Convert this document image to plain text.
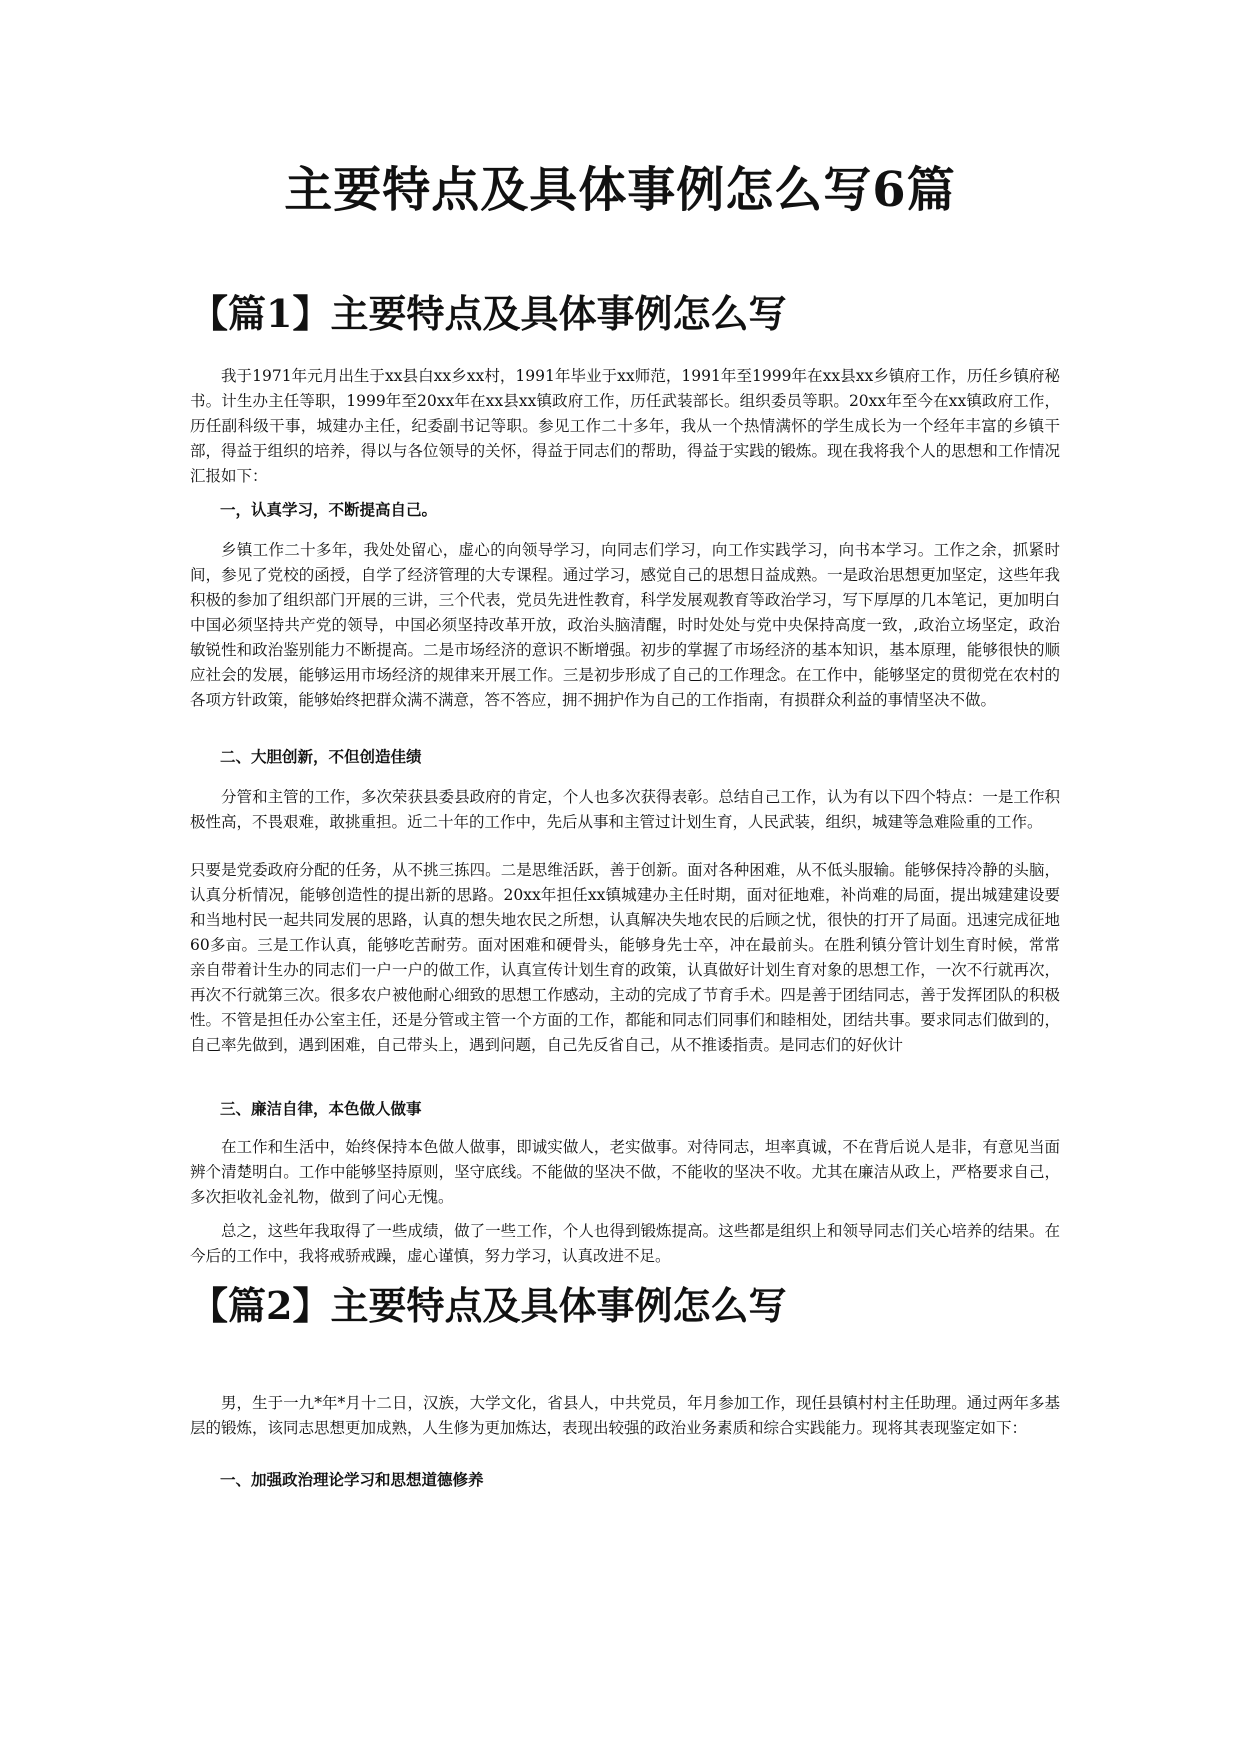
主要特点及具体事例怎么写6篇
【篇1】主要特点及具体事例怎么写

我于1971年元月出生于xx县白xx乡xx村，1991年毕业于xx师范，1991年至1999年在xx县xx乡镇府工作，历任乡镇府秘书。计生办主任等职，1999年至20xx年在xx县xx镇政府工作，历任武装部长。组织委员等职。20xx年至今在xx镇政府工作，历任副科级干事，城建办主任，纪委副书记等职。参见工作二十多年，我从一个热情满怀的学生成长为一个经年丰富的乡镇干部，得益于组织的培养，得以与各位领导的关怀，得益于同志们的帮助，得益于实践的锻炼。现在我将我个人的思想和工作情况汇报如下：

一，认真学习，不断提高自己。

乡镇工作二十多年，我处处留心，虚心的向领导学习，向同志们学习，向工作实践学习，向书本学习。工作之余，抓紧时间，参见了党校的函授，自学了经济管理的大专课程。通过学习，感觉自己的思想日益成熟。一是政治思想更加坚定，这些年我积极的参加了组织部门开展的三讲，三个代表，党员先进性教育，科学发展观教育等政治学习，写下厚厚的几本笔记，更加明白中国必须坚持共产党的领导，中国必须坚持改革开放，政治头脑清醒，时时处处与党中央保持高度一致，,政治立场坚定，政治敏锐性和政治鉴别能力不断提高。二是市场经济的意识不断增强。初步的掌握了市场经济的基本知识，基本原理，能够很快的顺应社会的发展，能够运用市场经济的规律来开展工作。三是初步形成了自己的工作理念。在工作中，能够坚定的贯彻党在农村的各项方针政策，能够始终把群众满不满意，答不答应，拥不拥护作为自己的工作指南，有损群众利益的事情坚决不做。

二、大胆创新，不但创造佳绩

分管和主管的工作，多次荣获县委县政府的肯定，个人也多次获得表彰。总结自己工作，认为有以下四个特点：一是工作积极性高，不畏艰难，敢挑重担。近二十年的工作中，先后从事和主管过计划生育，人民武装，组织，城建等急难险重的工作。

只要是党委政府分配的任务，从不挑三拣四。二是思维活跃，善于创新。面对各种困难，从不低头服输。能够保持冷静的头脑，认真分析情况，能够创造性的提出新的思路。20xx年担任xx镇城建办主任时期，面对征地难，补尚难的局面，提出城建建设要和当地村民一起共同发展的思路，认真的想失地农民之所想，认真解决失地农民的后顾之忧，很快的打开了局面。迅速完成征地60多亩。三是工作认真，能够吃苦耐劳。面对困难和硬骨头，能够身先士卒，冲在最前头。在胜利镇分管计划生育时候，常常亲自带着计生办的同志们一户一户的做工作，认真宣传计划生育的政策，认真做好计划生育对象的思想工作，一次不行就再次，再次不行就第三次。很多农户被他耐心细致的思想工作感动，主动的完成了节育手术。四是善于团结同志，善于发挥团队的积极性。不管是担任办公室主任，还是分管或主管一个方面的工作，都能和同志们同事们和睦相处，团结共事。要求同志们做到的，自己率先做到，遇到困难，自己带头上，遇到问题，自己先反省自己，从不推诿指责。是同志们的好伙计

三、廉洁自律，本色做人做事

在工作和生活中，始终保持本色做人做事，即诚实做人，老实做事。对待同志，坦率真诚，不在背后说人是非，有意见当面辨个清楚明白。工作中能够坚持原则，坚守底线。不能做的坚决不做，不能收的坚决不收。尤其在廉洁从政上，严格要求自己，多次拒收礼金礼物，做到了问心无愧。

总之，这些年我取得了一些成绩，做了一些工作，个人也得到锻炼提高。这些都是组织上和领导同志们关心培养的结果。在今后的工作中，我将戒骄戒躁，虚心谨慎，努力学习，认真改进不足。

【篇2】主要特点及具体事例怎么写

男，生于一九*年*月十二日，汉族，大学文化，省县人，中共党员，年月参加工作，现任县镇村村主任助理。通过两年多基层的锻炼，该同志思想更加成熟，人生修为更加炼达，表现出较强的政治业务素质和综合实践能力。现将其表现鉴定如下：

一、加强政治理论学习和思想道德修养
